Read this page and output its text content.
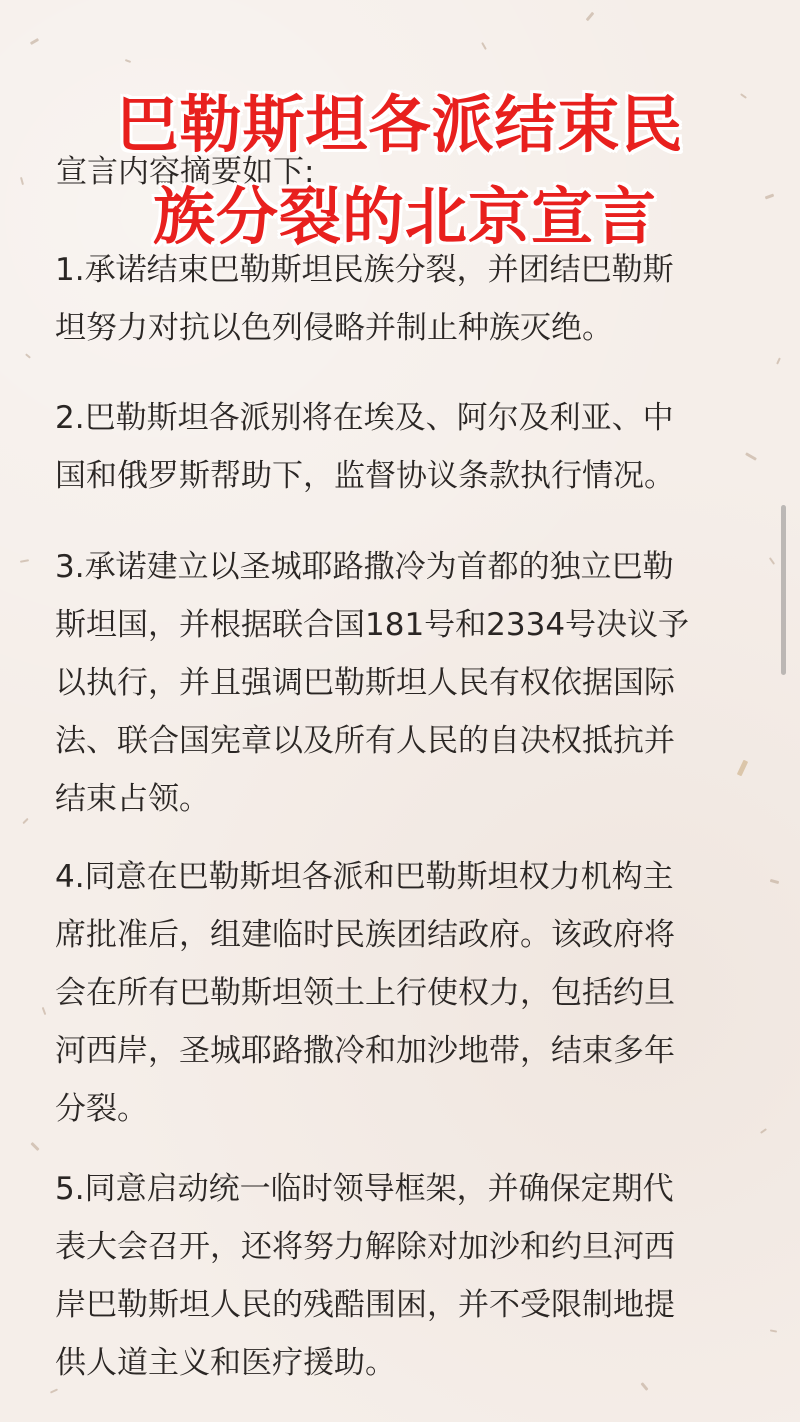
巴勒斯坦各派结束民
宣言内容摘要如下:
族分裂的北京宣言
1.承诺结束巴勒斯坦民族分裂，并团结巴勒斯
坦努力对抗以色列侵略并制止种族灭绝。
2.巴勒斯坦各派别将在埃及、阿尔及利亚、中
国和俄罗斯帮助下，监督协议条款执行情况。
3.承诺建立以圣城耶路撒冷为首都的独立巴勒
斯坦国，并根据联合国181号和2334号决议予
以执行，并且强调巴勒斯坦人民有权依据国际
法、联合国宪章以及所有人民的自决权抵抗并
结束占领。
4.同意在巴勒斯坦各派和巴勒斯坦权力机构主
席批准后，组建临时民族团结政府。该政府将
会在所有巴勒斯坦领土上行使权力，包括约旦
河西岸，圣城耶路撒冷和加沙地带，结束多年
分裂。
5.同意启动统一临时领导框架，并确保定期代
表大会召开，还将努力解除对加沙和约旦河西
岸巴勒斯坦人民的残酷围困，并不受限制地提
供人道主义和医疗援助。
